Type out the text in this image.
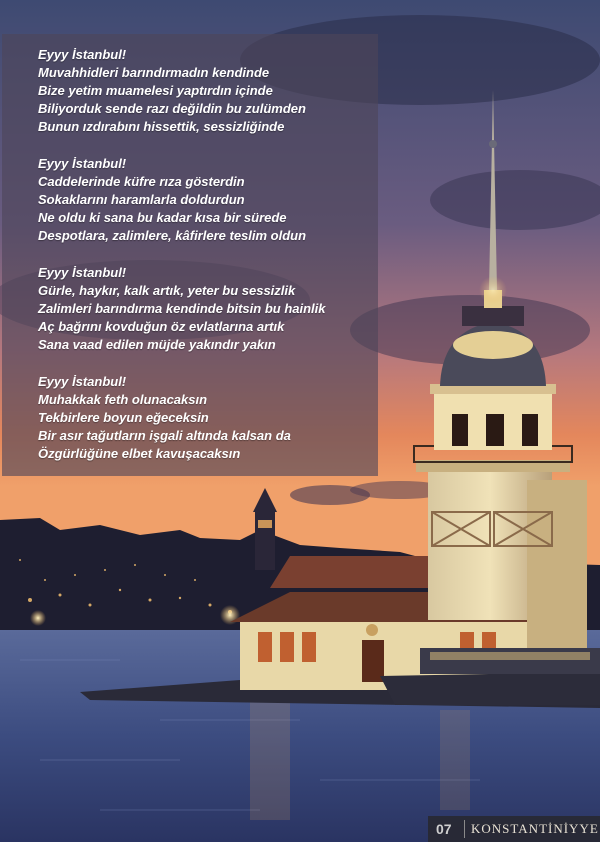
Eyyy İstanbul!
Muvahhidleri barındırmadın kendinde
Bize yetim muamelesi yaptırdın içinde
Biliyorduk sende razı değildin bu zulümden
Bunun ızdırabını hissettik, sessizliğinde
Eyyy İstanbul!
Caddelerinde küfre rıza gösterdin
Sokaklarını haramlarla doldurdun
Ne oldu ki sana bu kadar kısa bir sürede
Despotlara, zalimlere, kâfirlere teslim oldun
Eyyy İstanbul!
Gürle, haykır, kalk artık, yeter bu sessizlik
Zalimleri barındırma kendinde bitsin bu hainlik
Aç bağrını kovduğun öz evlatlarına artık
Sana vaad edilen müjde yakındır yakın
Eyyy İstanbul!
Muhakkak feth olunacaksın
Tekbirlere boyun eğeceksin
Bir asır tağutların işgali altında kalsan da
Özgürlüğüne elbet kavuşacaksın
07	KONSTANTİNİYYE
